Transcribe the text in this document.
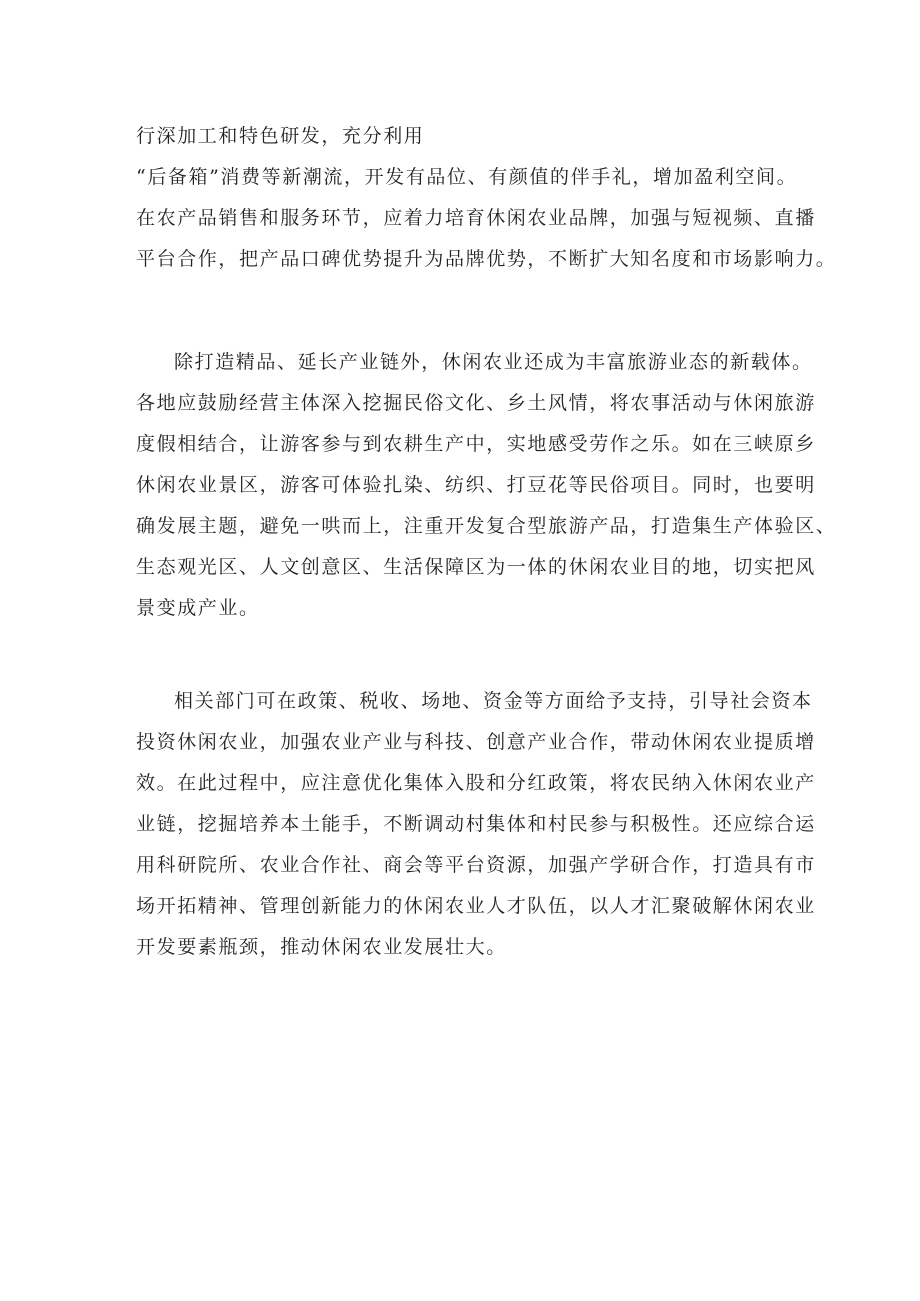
行深加工和特色研发，充分利用
“后备箱”消费等新潮流，开发有品位、有颜值的伴手礼，增加盈利空间。
在农产品销售和服务环节，应着力培育休闲农业品牌，加强与短视频、直播
平台合作，把产品口碑优势提升为品牌优势，不断扩大知名度和市场影响力。
除打造精品、延长产业链外，休闲农业还成为丰富旅游业态的新载体。
各地应鼓励经营主体深入挖掘民俗文化、乡土风情，将农事活动与休闲旅游
度假相结合，让游客参与到农耕生产中，实地感受劳作之乐。如在三峡原乡
休闲农业景区，游客可体验扎染、纺织、打豆花等民俗项目。同时，也要明
确发展主题，避免一哄而上，注重开发复合型旅游产品，打造集生产体验区、
生态观光区、人文创意区、生活保障区为一体的休闲农业目的地，切实把风
景变成产业。
相关部门可在政策、税收、场地、资金等方面给予支持，引导社会资本
投资休闲农业，加强农业产业与科技、创意产业合作，带动休闲农业提质增
效。在此过程中，应注意优化集体入股和分红政策，将农民纳入休闲农业产
业链，挖掘培养本土能手，不断调动村集体和村民参与积极性。还应综合运
用科研院所、农业合作社、商会等平台资源，加强产学研合作，打造具有市
场开拓精神、管理创新能力的休闲农业人才队伍，以人才汇聚破解休闲农业
开发要素瓶颈，推动休闲农业发展壮大。
